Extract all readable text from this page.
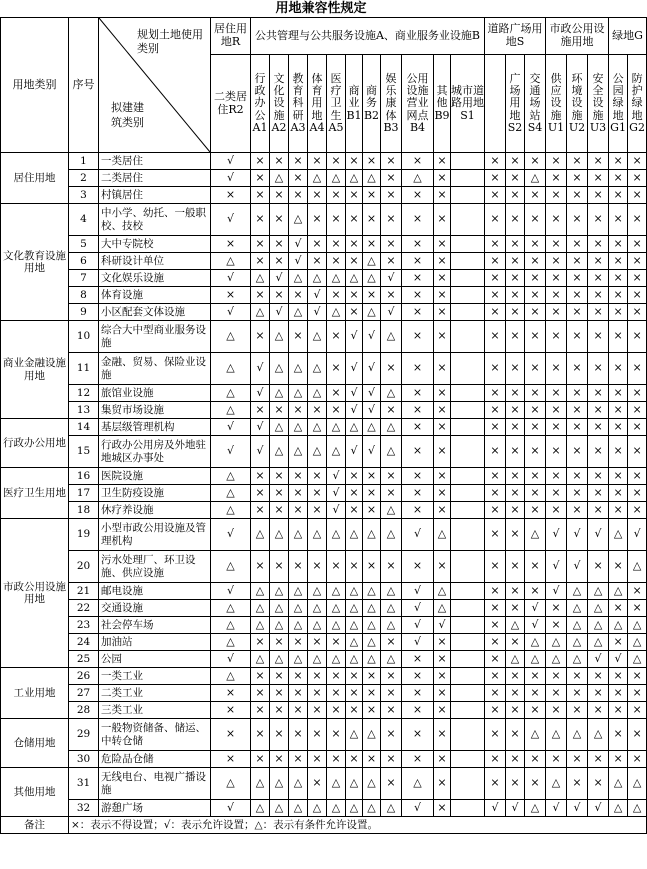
用地兼容性规定
用地类别	序号	规划土地使用类别
拟建建筑类别	居住用地R	公共管理与公共服务设施A、商业服务业设施B											道路广场用地S			市政公用设施用地			绿地G	
			二类居住R2	行政办公A1	文化设施A2	教育科研A3	体育用地A4	医疗卫生A5	商业B1	商务B2	娱乐康体B3	公用设施营业网点B4	其他B9	城市道路用地S1		广场用地S2	交通场站S4	供应设施U1	环境设施U2	安全设施U3	公园绿地G1	防护绿地G2	
居住用地	1	一类居住	√	×	×	×	×	×	×	×	×	×	×		×	×	×	×	×	×	×	×	
	2	二类居住	√	×	△	×	△	△	△	△	×	△	×		×	×	△	×	×	×	×	×	
	3	村镇居住	×	×	×	×	×	×	×	×	×	×	×		×	×	×	×	×	×	×	×	
文化教育设施用地	4	中小学、幼托、一般职校、技校	√	×	×	△	×	×	×	×	×	×	×		×	×	×	×	×	×	×	×	
	5	大中专院校	×	×	×	√	×	×	×	×	×	×	×		×	×	×	×	×	×	×	×	
	6	科研设计单位	△	×	×	√	×	×	×	△	×	×	×		×	×	×	×	×	×	×	×	
	7	文化娱乐设施	√	△	√	△	△	△	△	△	√	×	×		×	×	×	×	×	×	×	×	
	8	体育设施	×	×	×	×	√	×	×	×	×	×	×		×	×	×	×	×	×	×	×	
	9	小区配套文体设施	√	△	√	△	√	△	×	△	√	×	×		×	×	×	×	×	×	×	×	
商业金融设施用地	10	综合大中型商业服务设施	△	×	△	×	△	×	√	√	△	×	×		×	×	×	×	×	×	×	×	
	11	金融、贸易、保险业设施	△	√	△	△	△	×	√	√	×	×	×		×	×	×	×	×	×	×	×	
	12	旅馆业设施	△	√	△	△	△	×	√	√	△	×	×		×	×	×	×	×	×	×	×	
	13	集贸市场设施	△	×	×	×	×	×	√	√	×	×	×		×	×	×	×	×	×	×	×	
行政办公用地	14	基层级管理机构	√	√	△	△	△	△	△	△	△	×	×		×	×	×	×	×	×	×	×	
	15	行政办公用房及外地驻地城区办事处	√	√	△	△	△	△	√	√	△	×	×		×	×	×	×	×	×	×	×	
医疗卫生用地	16	医院设施	△	×	×	×	×	√	×	×	×	×	×		×	×	×	×	×	×	×	×	
	17	卫生防疫设施	△	×	×	×	×	√	×	×	×	×	×		×	×	×	×	×	×	×	×	
	18	休疗养设施	△	×	×	×	×	√	×	×	△	×	×		×	×	×	×	×	×	×	×	
市政公用设施用地	19	小型市政公用设施及管理机构	√	△	△	△	△	△	△	△	△	√	△		×	×	△	√	√	√	△	√	
	20	污水处理厂、环卫设施、供应设施	△	×	×	×	×	×	×	×	×	×	×		×	×	×	√	√	×	×	△	
	21	邮电设施	√	△	△	△	△	△	△	△	△	√	△		×	×	×	√	△	△	△	×	
	22	交通设施	△	△	△	△	△	△	△	△	△	√	△		×	×	√	×	△	△	×	×	
	23	社会停车场	△	△	△	△	△	△	△	△	△	√	√		×	△	√	×	△	△	△	△	
	24	加油站	△	×	×	×	×	×	△	△	×	√	×		×	×	△	△	△	△	×	△	
	25	公园	√	△	△	△	△	△	△	△	△	×	×		×	△	△	△	△	√	√	△	
工业用地	26	一类工业	△	×	×	×	×	×	×	×	×	×	×		×	×	×	×	×	×	×	×	
	27	二类工业	×	×	×	×	×	×	×	×	×	×	×		×	×	×	×	×	×	×	×	
	28	三类工业	×	×	×	×	×	×	×	×	×	×	×		×	×	×	×	×	×	×	×	
仓储用地	29	一般物资储备、储运、中转仓储	×	×	×	×	×	×	△	△	×	×	×		×	×	△	△	△	△	×	×	
	30	危险品仓储	×	×	×	×	×	×	×	×	×	×	×		×	×	×	×	×	×	×	×	
其他用地	31	无线电台、电视广播设施	△	△	△	△	×	△	△	△	×	△	×		×	×	×	△	×	×	△	△	
	32	游憩广场	√	△	△	△	△	△	△	△	△	√	×		√	√	△	√	√	√	△	△	
备注	×：表示不得设置；√：表示允许设置；△：表示有条件允许设置。																						
